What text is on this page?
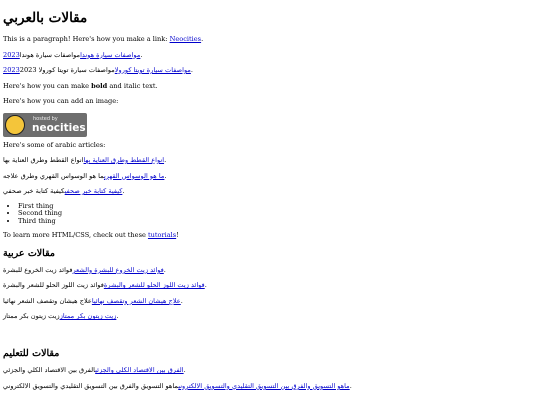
مقالات بالعربي

This is a paragraph! Here's how you make a link: Neocities.

2023مواصفات سيارة هوندامواصفات سيارة هوندا	.

2023مواصفات سيارة تويتا كورولامواصفات سيارة تويتا كورولا 2023	.

Here's how you can make bold and italic text.

Here's how you can add an image:

hosted by
neocities

Here's some of arabic articles:

انواع القطط وطرق العناية بهاانواع القطط وطرق العناية بها	.

ما هو الوسواس القهريما هو الوسواس القهري وطرق علاجه	.

كيفية كتابة خبر صحفيكيفية كتابة خبر صحفي	.

• First thing
• Second thing
• Third thing

To learn more HTML/CSS, check out these tutorials!

مقالات عربية

فوائد زيت الخروع للبشرة والشعرفوائد زيت الخروع للبشرة	.

فوائد زيت اللوز الحلو للشعر والبشرةفوائد زيت اللوز الحلو للشعر والبشرة	.

علاج هيشان الشعر وتقصف نهائياعلاج هيشان وتقصف الشعر نهائيا	.

زيت زيتون بكر ممتاززيت زيتون بكر ممتاز	.

مقالات للتعليم

الفرق بين الاقتصاد الكلي والجزئيالفرق بين الاقتصاد الكلي والجزئي	.

ماهو التسويق والفرق بين التسويق التقليدي والتسويق الالكترونيماهو التسويق والفرق بين التسويق التقليدي والتسويق الالكتروني	.
